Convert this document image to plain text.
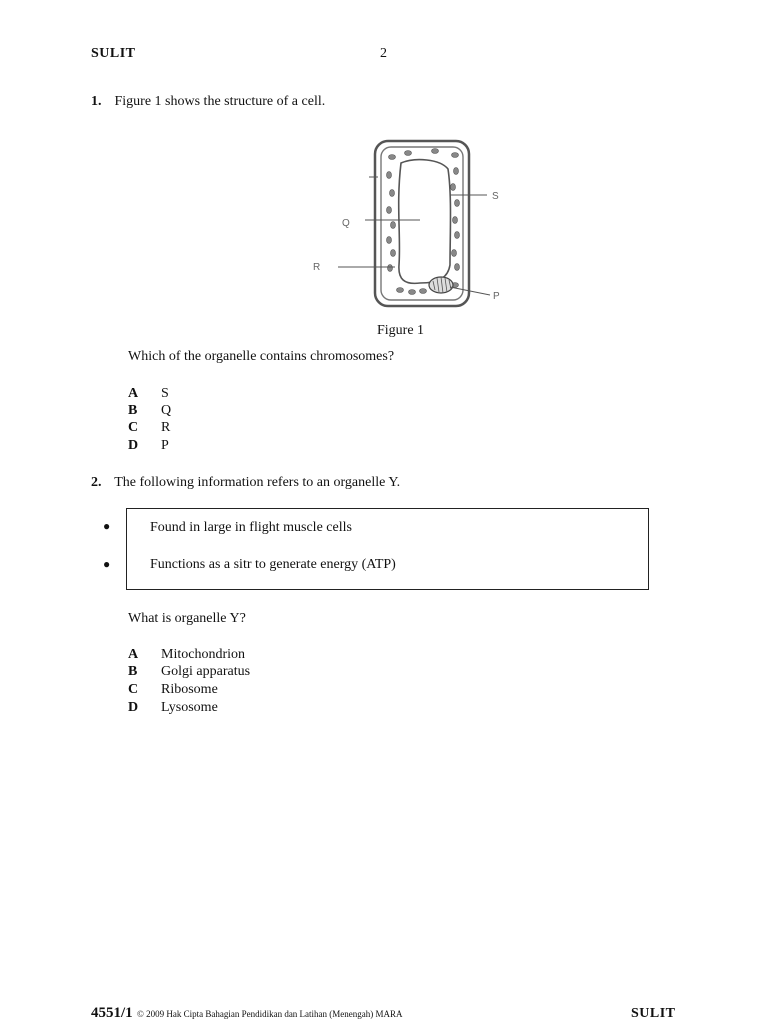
SULIT	2
1. Figure 1 shows the structure of a cell.
S
Q
R
P
Figure 1
Which of the organelle contains chromosomes?
A S
B Q
C R
D P
2. The following information refers to an organelle Y.
●
●
Found in large in flight muscle cells
Functions as a sitr to generate energy (ATP)
What is organelle Y?
A Mitochondrion
B Golgi apparatus
C Ribosome
D Lysosome
4551/1 © 2009 Hak Cipta Bahagian Pendidikan dan Latihan (Menengah) MARA	SULIT
